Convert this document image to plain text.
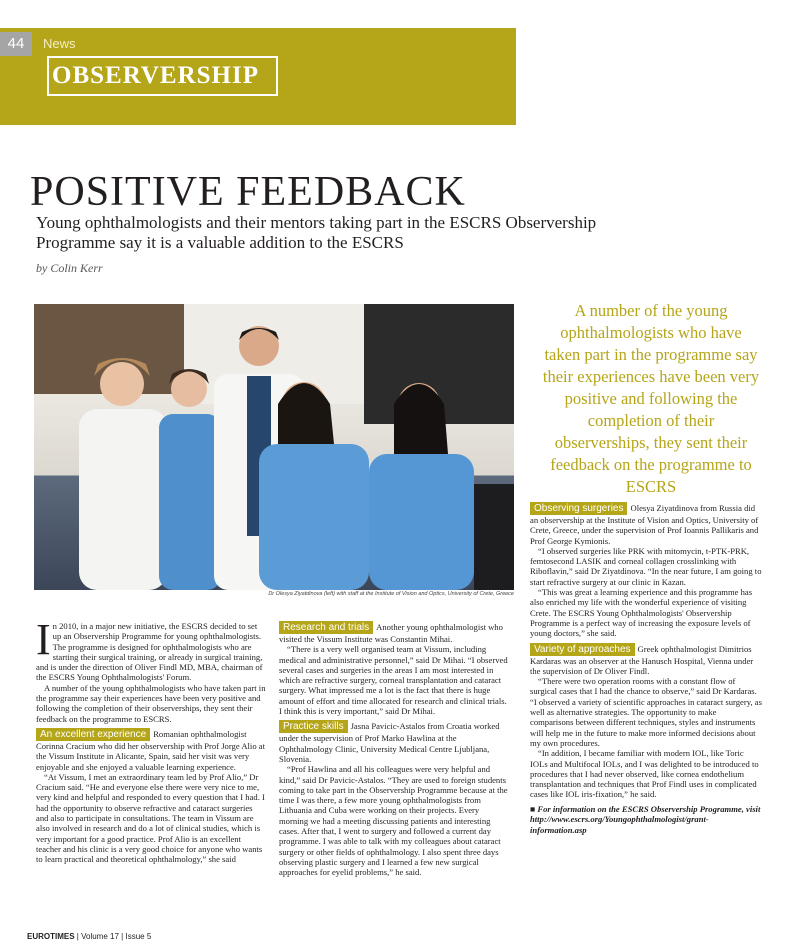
44	News
OBSERVERSHIP
POSITIVE FEEDBACK
Young ophthalmologists and their mentors taking part in the ESCRS Observership Programme say it is a valuable addition to the ESCRS
by Colin Kerr
Dr Olesya Ziyatdinova (left) with staff at the Institute of Vision and Optics, University of Crete, Greece
A number of the young ophthalmologists who have taken part in the programme say their experiences have been very positive and following the completion of their observerships, they sent their feedback on the programme to ESCRS

In 2010, in a major new initiative, the ESCRS decided to set up an Observership Programme for young ophthalmologists. The programme is designed for ophthalmologists who are starting their surgical training, or already in surgical training, and is under the direction of Oliver Findl MD, MBA, chairman of the ESCRS Young Ophthalmologists' Forum.

A number of the young ophthalmologists who have taken part in the programme say their experiences have been very positive and following the completion of their observerships, they sent their feedback on the programme to ESCRS.

An excellent experience Romanian ophthalmologist Corinna Cracium who did her observership with Prof Jorge Alio at the Vissum Institute in Alicante, Spain, said her visit was very enjoyable and she enjoyed a valuable learning experience.

“At Vissum, I met an extraordinary team led by Prof Alio,” Dr Cracium said. “He and everyone else there were very nice to me, very kind and helpful and responded to every question that I had. I had the opportunity to observe refractive and cataract surgeries and also to participate in consultations. The team in Vissum are also involved in research and do a lot of clinical studies, which is very important for a good practice. Prof Alio is an excellent teacher and his clinic is a very good choice for anyone who wants to learn practical and theoretical ophthalmology,” she said

Research and trials Another young ophthalmologist who visited the Vissum Institute was Constantin Mihai.

“There is a very well organised team at Vissum, including medical and administrative personnel,” said Dr Mihai. “I observed several cases and surgeries in the areas I am most interested in which are refractive surgery, corneal transplantation and cataract surgery. What impressed me a lot is the fact that there is huge amount of effort and time allocated for research and clinical trials. I think this is very important,” said Dr Mihai.

Practice skills Jasna Pavicic-Astalos from Croatia worked under the supervision of Prof Marko Hawlina at the Ophthalmology Clinic, University Medical Centre Ljubljana, Slovenia.

“Prof Hawlina and all his colleagues were very helpful and kind,” said Dr Pavicic-Astalos. “They are used to foreign students coming to take part in the Observership Programme because at the time I was there, a few more young ophthalmologists from Lithuania and Cuba were working on their projects. Every morning we had a meeting discussing patients and interesting cases. After that, I went to surgery and followed a current day programme. I was able to talk with my colleagues about cataract surgery or other fields of ophthalmology. I also spent three days observing plastic surgery and I learned a few new surgical approaches for eyelid problems,” he said.

Observing surgeries Olesya Ziyatdinova from Russia did an observership at the Institute of Vision and Optics, University of Crete, Greece, under the supervision of Prof Ioannis Pallikaris and Prof George Kymionis.

“I observed surgeries like PRK with mitomycin, t-PTK-PRK, femtosecond LASIK and corneal collagen crosslinking with Riboflavin,” said Dr Ziyatdinova. “In the near future, I am going to start refractive surgery at our clinic in Kazan.

“This was great a learning experience and this programme has also enriched my life with the wonderful experience of visiting Crete. The ESCRS Young Ophthalmologists' Observership Programme is a perfect way of increasing the exposure levels of young doctors,” she said.

Variety of approaches Greek ophthalmologist Dimitrios Kardaras was an observer at the Hanusch Hospital, Vienna under the supervision of Dr Oliver Findl.

“There were two operation rooms with a constant flow of surgical cases that I had the chance to observe,” said Dr Kardaras. “I observed a variety of scientific approaches in cataract surgery, as well as alternative strategies. The opportunity to make comparisons between different techniques, styles and instruments will help me in the future to make more informed decisions about my own procedures.

“In addition, I became familiar with modern IOL, like Toric IOLs and Multifocal IOLs, and I was delighted to be introduced to procedures that I had never observed, like cornea endothelium transplantation and techniques that Prof Findl uses in complicated cases like IOL iris-fixation,” he said.

■ For information on the ESCRS Observership Programme, visit http://www.escrs.org/Youngophthalmologist/grant-information.asp

EUROTIMES | Volume 17 | Issue 5
